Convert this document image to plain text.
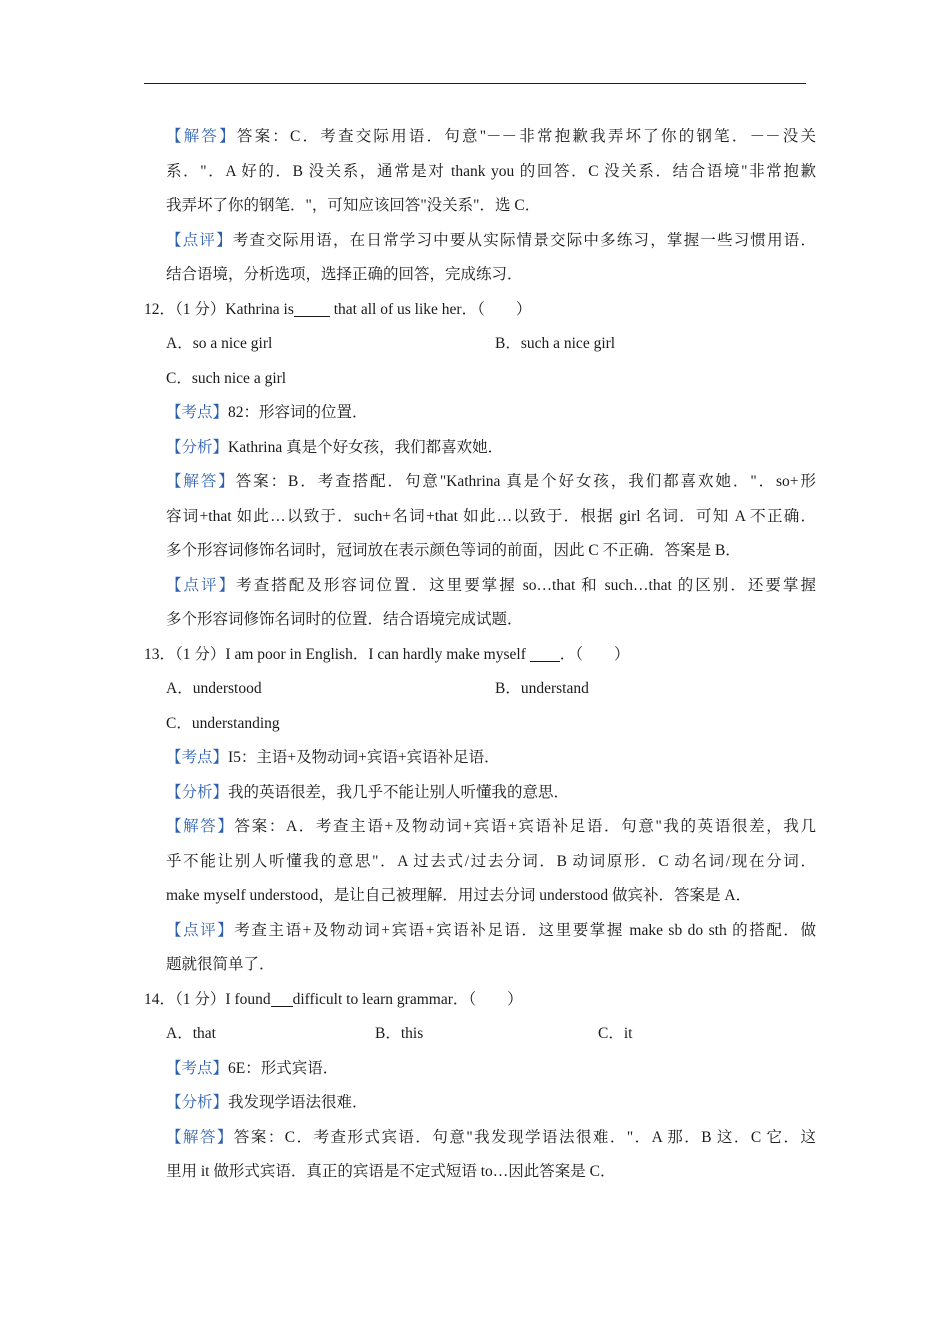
【解答】答案：C．考查交际用语．句意"－－非常抱歉我弄坏了你的钢笔．－－没关
系．"．A 好的．B 没关系，通常是对 thank you 的回答．C 没关系．结合语境"非常抱歉
我弄坏了你的钢笔．"，可知应该回答"没关系"．选 C．
【点评】考查交际用语，在日常学习中要从实际情景交际中多练习，掌握一些习惯用语．
结合语境，分析选项，选择正确的回答，完成练习．
12．（1 分）Kathrina is that all of us like her．（　　）
A．so a nice girl	B．such a nice girl
C．such nice a girl
【考点】82：形容词的位置．
【分析】Kathrina 真是个好女孩，我们都喜欢她．
【解答】答案：B．考查搭配．句意"Kathrina 真是个好女孩，我们都喜欢她．"．so+形
容词+that 如此…以致于．such+名词+that 如此…以致于．根据 girl 名词．可知 A 不正确．
多个形容词修饰名词时，冠词放在表示颜色等词的前面，因此 C 不正确．答案是 B．
【点评】考查搭配及形容词位置．这里要掌握 so…that 和 such…that 的区别．还要掌握
多个形容词修饰名词时的位置．结合语境完成试题．
13．（1 分）I am poor in English．I can hardly make myself ．（　　）
A．understood	B．understand
C．understanding
【考点】I5：主语+及物动词+宾语+宾语补足语．
【分析】我的英语很差，我几乎不能让别人听懂我的意思．
【解答】答案：A．考查主语+及物动词+宾语+宾语补足语．句意"我的英语很差，我几
乎不能让别人听懂我的意思"．A 过去式/过去分词．B 动词原形．C 动名词/现在分词．
make myself understood，是让自己被理解．用过去分词 understood 做宾补．答案是 A．
【点评】考查主语+及物动词+宾语+宾语补足语．这里要掌握 make sb do sth 的搭配．做
题就很简单了．
14．（1 分）I found difficult to learn grammar．（　　）
A．that	B．this	C．it
【考点】6E：形式宾语．
【分析】我发现学语法很难．
【解答】答案：C．考查形式宾语．句意"我发现学语法很难．"．A 那．B 这．C 它．这
里用 it 做形式宾语．真正的宾语是不定式短语 to…因此答案是 C．
